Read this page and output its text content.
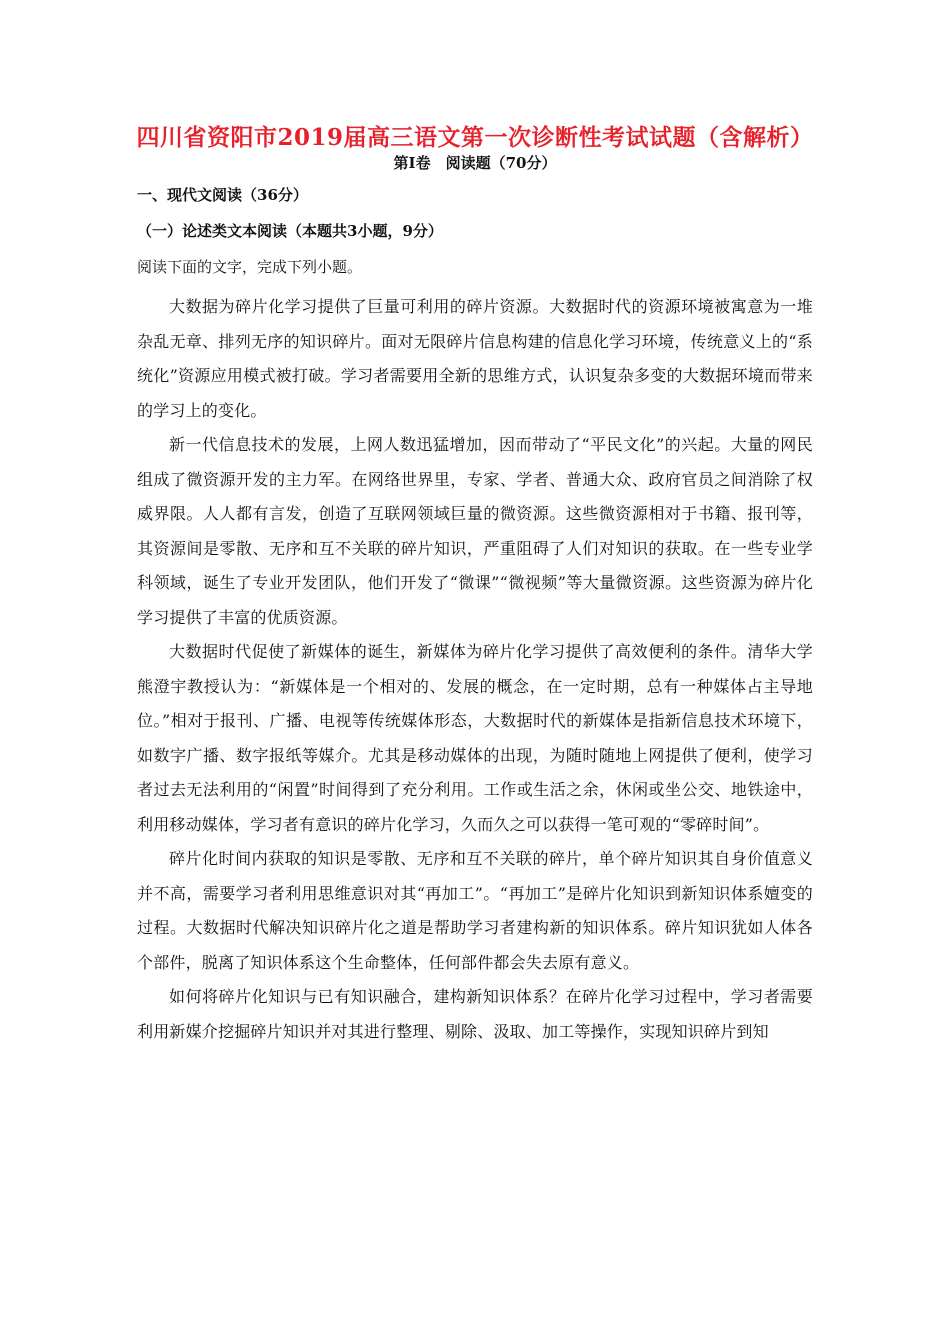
四川省资阳市2019届高三语文第一次诊断性考试试题（含解析）
第Ⅰ卷　阅读题（70分）
一、现代文阅读（36分）
（一）论述类文本阅读（本题共3小题，9分）
阅读下面的文字，完成下列小题。

大数据为碎片化学习提供了巨量可利用的碎片资源。大数据时代的资源环境被寓意为一堆杂乱无章、排列无序的知识碎片。面对无限碎片信息构建的信息化学习环境，传统意义上的“系统化”资源应用模式被打破。学习者需要用全新的思维方式，认识复杂多变的大数据环境而带来的学习上的变化。

新一代信息技术的发展，上网人数迅猛增加，因而带动了“平民文化”的兴起。大量的网民组成了微资源开发的主力军。在网络世界里，专家、学者、普通大众、政府官员之间消除了权威界限。人人都有言发，创造了互联网领域巨量的微资源。这些微资源相对于书籍、报刊等，其资源间是零散、无序和互不关联的碎片知识，严重阻碍了人们对知识的获取。在一些专业学科领域，诞生了专业开发团队，他们开发了“微课”“微视频”等大量微资源。这些资源为碎片化学习提供了丰富的优质资源。

大数据时代促使了新媒体的诞生，新媒体为碎片化学习提供了高效便利的条件。清华大学熊澄宇教授认为：“新媒体是一个相对的、发展的概念，在一定时期，总有一种媒体占主导地位。”相对于报刊、广播、电视等传统媒体形态，大数据时代的新媒体是指新信息技术环境下，如数字广播、数字报纸等媒介。尤其是移动媒体的出现，为随时随地上网提供了便利，使学习者过去无法利用的“闲置”时间得到了充分利用。工作或生活之余，休闲或坐公交、地铁途中，利用移动媒体，学习者有意识的碎片化学习，久而久之可以获得一笔可观的“零碎时间”。

碎片化时间内获取的知识是零散、无序和互不关联的碎片，单个碎片知识其自身价值意义并不高，需要学习者利用思维意识对其“再加工”。“再加工”是碎片化知识到新知识体系嬗变的过程。大数据时代解决知识碎片化之道是帮助学习者建构新的知识体系。碎片知识犹如人体各个部件，脱离了知识体系这个生命整体，任何部件都会失去原有意义。

如何将碎片化知识与已有知识融合，建构新知识体系？在碎片化学习过程中，学习者需要利用新媒介挖掘碎片知识并对其进行整理、剔除、汲取、加工等操作，实现知识碎片到知
